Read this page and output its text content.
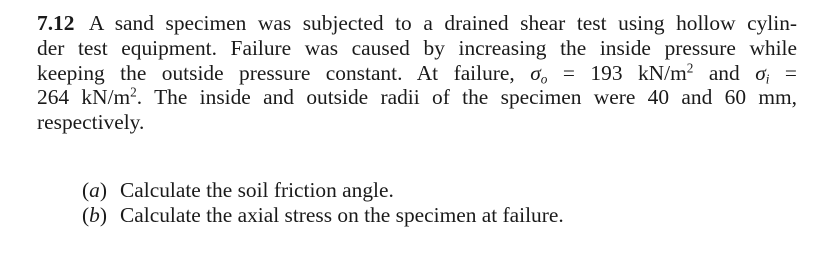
7.12 A sand specimen was subjected to a drained shear test using hollow cylin-
der test equipment. Failure was caused by increasing the inside pressure while
keeping the outside pressure constant. At failure, $\sigma_o = 193$ $kN/m^2$ and $\sigma_i$ =
264 $kN/m^2$. The inside and outside radii of the specimen were 40 and 60 mm,
respectively.
(a) Calculate the soil friction angle.
(b) Calculate the axial stress on the specimen at failure.
